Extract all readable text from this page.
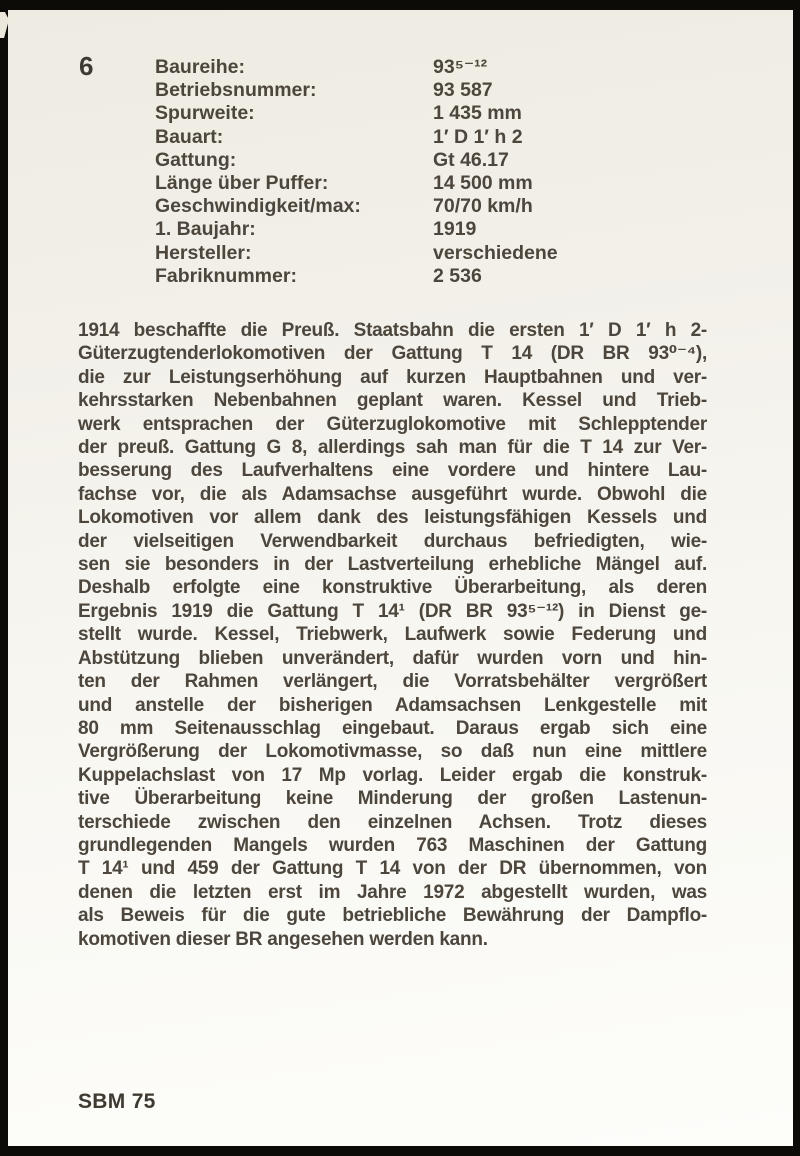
6	Baureihe:	93⁵⁻¹²
Betriebsnummer:	93 587
Spurweite:	1 435 mm
Bauart:	1′ D 1′ h 2
Gattung:	Gt 46.17
Länge über Puffer:	14 500 mm
Geschwindigkeit/max:	70/70 km/h
1. Baujahr:	1919
Hersteller:	verschiedene
Fabriknummer:	2 536
1914 beschaffte die Preuß. Staatsbahn die ersten 1′ D 1′ h 2-
Güterzugtenderlokomotiven der Gattung T 14 (DR BR 93⁰⁻⁴),
die zur Leistungserhöhung auf kurzen Hauptbahnen und ver-
kehrsstarken Nebenbahnen geplant waren. Kessel und Trieb-
werk entsprachen der Güterzuglokomotive mit Schlepptender
der preuß. Gattung G 8, allerdings sah man für die T 14 zur Ver-
besserung des Laufverhaltens eine vordere und hintere Lau-
fachse vor, die als Adamsachse ausgeführt wurde. Obwohl die
Lokomotiven vor allem dank des leistungsfähigen Kessels und
der vielseitigen Verwendbarkeit durchaus befriedigten, wie-
sen sie besonders in der Lastverteilung erhebliche Mängel auf.
Deshalb erfolgte eine konstruktive Überarbeitung, als deren
Ergebnis 1919 die Gattung T 14¹ (DR BR 93⁵⁻¹²) in Dienst ge-
stellt wurde. Kessel, Triebwerk, Laufwerk sowie Federung und
Abstützung blieben unverändert, dafür wurden vorn und hin-
ten der Rahmen verlängert, die Vorratsbehälter vergrößert
und anstelle der bisherigen Adamsachsen Lenkgestelle mit
80 mm Seitenausschlag eingebaut. Daraus ergab sich eine
Vergrößerung der Lokomotivmasse, so daß nun eine mittlere
Kuppelachslast von 17 Mp vorlag. Leider ergab die konstruk-
tive Überarbeitung keine Minderung der großen Lastenun-
terschiede zwischen den einzelnen Achsen. Trotz dieses
grundlegenden Mangels wurden 763 Maschinen der Gattung
T 14¹ und 459 der Gattung T 14 von der DR übernommen, von
denen die letzten erst im Jahre 1972 abgestellt wurden, was
als Beweis für die gute betriebliche Bewährung der Dampflo-
komotiven dieser BR angesehen werden kann.
SBM 75
